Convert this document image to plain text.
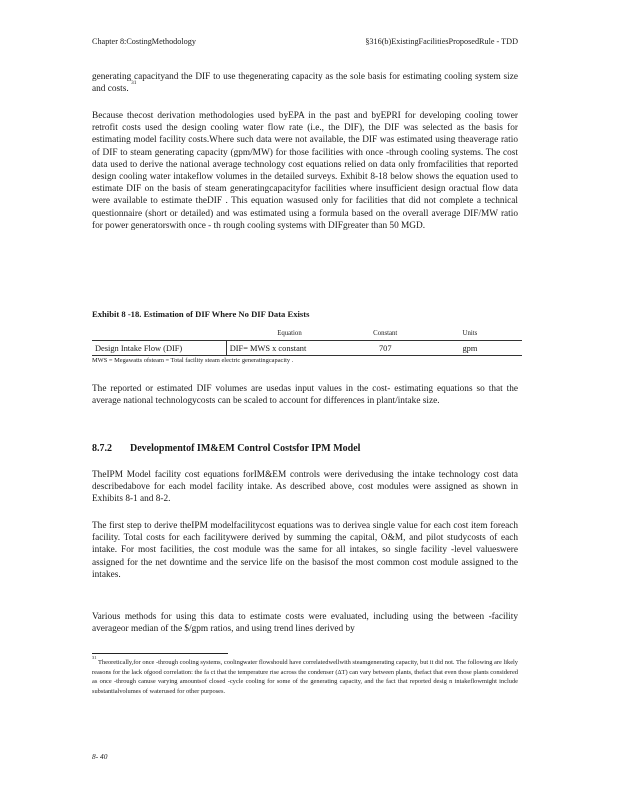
Chapter 8:CostingMethodology	§316(b)ExistingFacilitiesProposedRule - TDD
generating capacityand the DIF to use thegenerating capacity as the sole basis for estimating cooling system size and costs. $^{31}$
Because thecost derivation methodologies used byEPA in the past and byEPRI for developing cooling tower retrofit costs used the design cooling water flow rate (i.e., the DIF), the DIF was selected as the basis for estimating model facility costs.Where such data were not available, the DIF was estimated using theaverage ratio of DIF to steam generating capacity (gpm/MW) for those facilities with once -through cooling systems. The cost data used to derive the national average technology cost equations relied on data only fromfacilities that reported design cooling water intakeflow volumes in the detailed surveys. Exhibit 8-18 below shows the equation used to estimate DIF on the basis of steam generatingcapacityfor facilities where insufficient design oractual flow data were available to estimate theDIF . This equation wasused only for facilities that did not complete a technical questionnaire (short or detailed) and was estimated using a formula based on the overall average DIF/MW ratio for power generatorswith once - th rough cooling systems with DIFgreater than 50 MGD.
Exhibit 8 -18. Estimation of DIF Where No DIF Data Exists
	Equation	Constant	Units
Design Intake Flow (DIF)	DIF= MWS x constant	707	gpm
MWS = Megawatts ofsteam = Total facility steam electric generatingcapacity .
The reported or estimated DIF volumes are usedas input values in the cost- estimating equations so that the average national technologycosts can be scaled to account for differences in plant/intake size.
8.7.2 Developmentof IM&EM Control Costsfor IPM Model
TheIPM Model facility cost equations forIM&EM controls were derivedusing the intake technology cost data describedabove for each model facility intake. As described above, cost modules were assigned as shown in Exhibits 8-1 and 8-2.
The first step to derive theIPM modelfacilitycost equations was to derivea single value for each cost item foreach facility. Total costs for each facilitywere derived by summing the capital, O&M, and pilot studycosts of each intake. For most facilities, the cost module was the same for all intakes, so single facility -level valueswere assigned for the net downtime and the service life on the basisof the most common cost module assigned to the intakes.
Various methods for using this data to estimate costs were evaluated, including using the between -facility averageor median of the $/gpm ratios, and using trend lines derived by
$^{31}$ Theoretically,for once -through cooling systems, coolingwater flowshould have correlatedwellwith steamgenerating capacity, but it did not. The following are likely reasons for the lack ofgood correlation: the fa ct that the temperature rise across the condenser (ΔT) can vary between plants, thefact that even those plants considered as once -through canuse varying amountsof closed -cycle cooling for some of the generating capacity, and the fact that reported desig n intakeflowmight include substantialvolumes of waterused for other purposes.
8- 40
